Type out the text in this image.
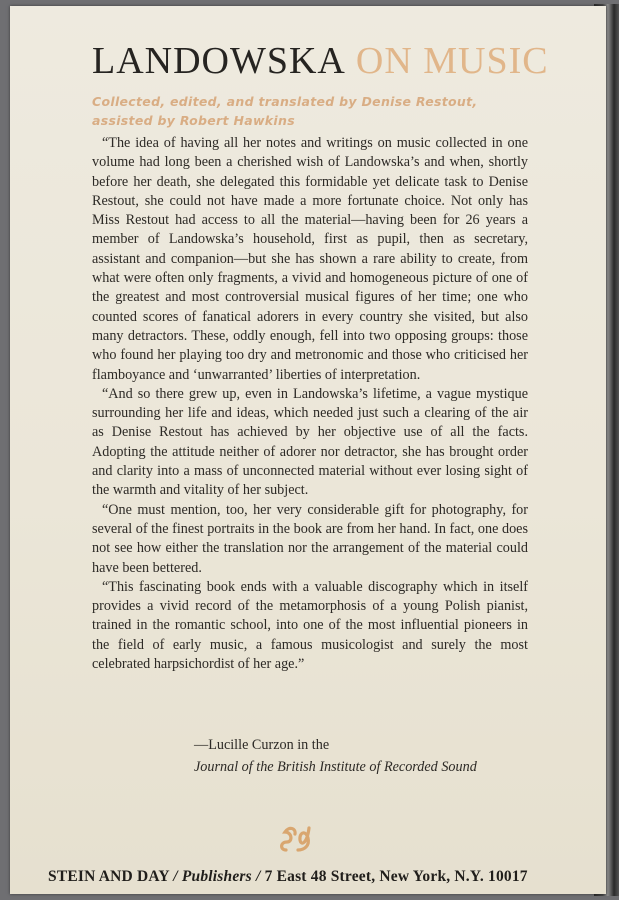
LANDOWSKA ON MUSIC
Collected, edited, and translated by Denise Restout,
assisted by Robert Hawkins

“The idea of having all her notes and writings on music collected in one volume had long been a cherished wish of Landowska’s and when, shortly before her death, she delegated this formidable yet delicate task to Denise Restout, she could not have made a more fortunate choice. Not only has Miss Restout had access to all the material—having been for 26 years a member of Landowska’s household, first as pupil, then as secretary, assistant and companion—but she has shown a rare ability to create, from what were often only fragments, a vivid and homogeneous picture of one of the greatest and most controversial musical figures of her time; one who counted scores of fanatical adorers in every country she visited, but also many detractors. These, oddly enough, fell into two opposing groups: those who found her playing too dry and metronomic and those who criticised her flamboyance and ‘unwarranted’ liberties of interpretation.

“And so there grew up, even in Landowska’s lifetime, a vague mystique surrounding her life and ideas, which needed just such a clearing of the air as Denise Restout has achieved by her objective use of all the facts. Adopting the attitude neither of adorer nor detractor, she has brought order and clarity into a mass of unconnected material without ever losing sight of the warmth and vitality of her subject.

“One must mention, too, her very considerable gift for photography, for several of the finest portraits in the book are from her hand. In fact, one does not see how either the translation nor the arrangement of the material could have been bettered.

“This fascinating book ends with a valuable discography which in itself provides a vivid record of the metamorphosis of a young Polish pianist, trained in the romantic school, into one of the most influential pioneers in the field of early music, a famous musicologist and surely the most celebrated harpsichordist of her age.”

—Lucille Curzon in the
Journal of the British Institute of Recorded Sound
STEIN AND DAY / Publishers / 7 East 48 Street, New York, N.Y. 10017
